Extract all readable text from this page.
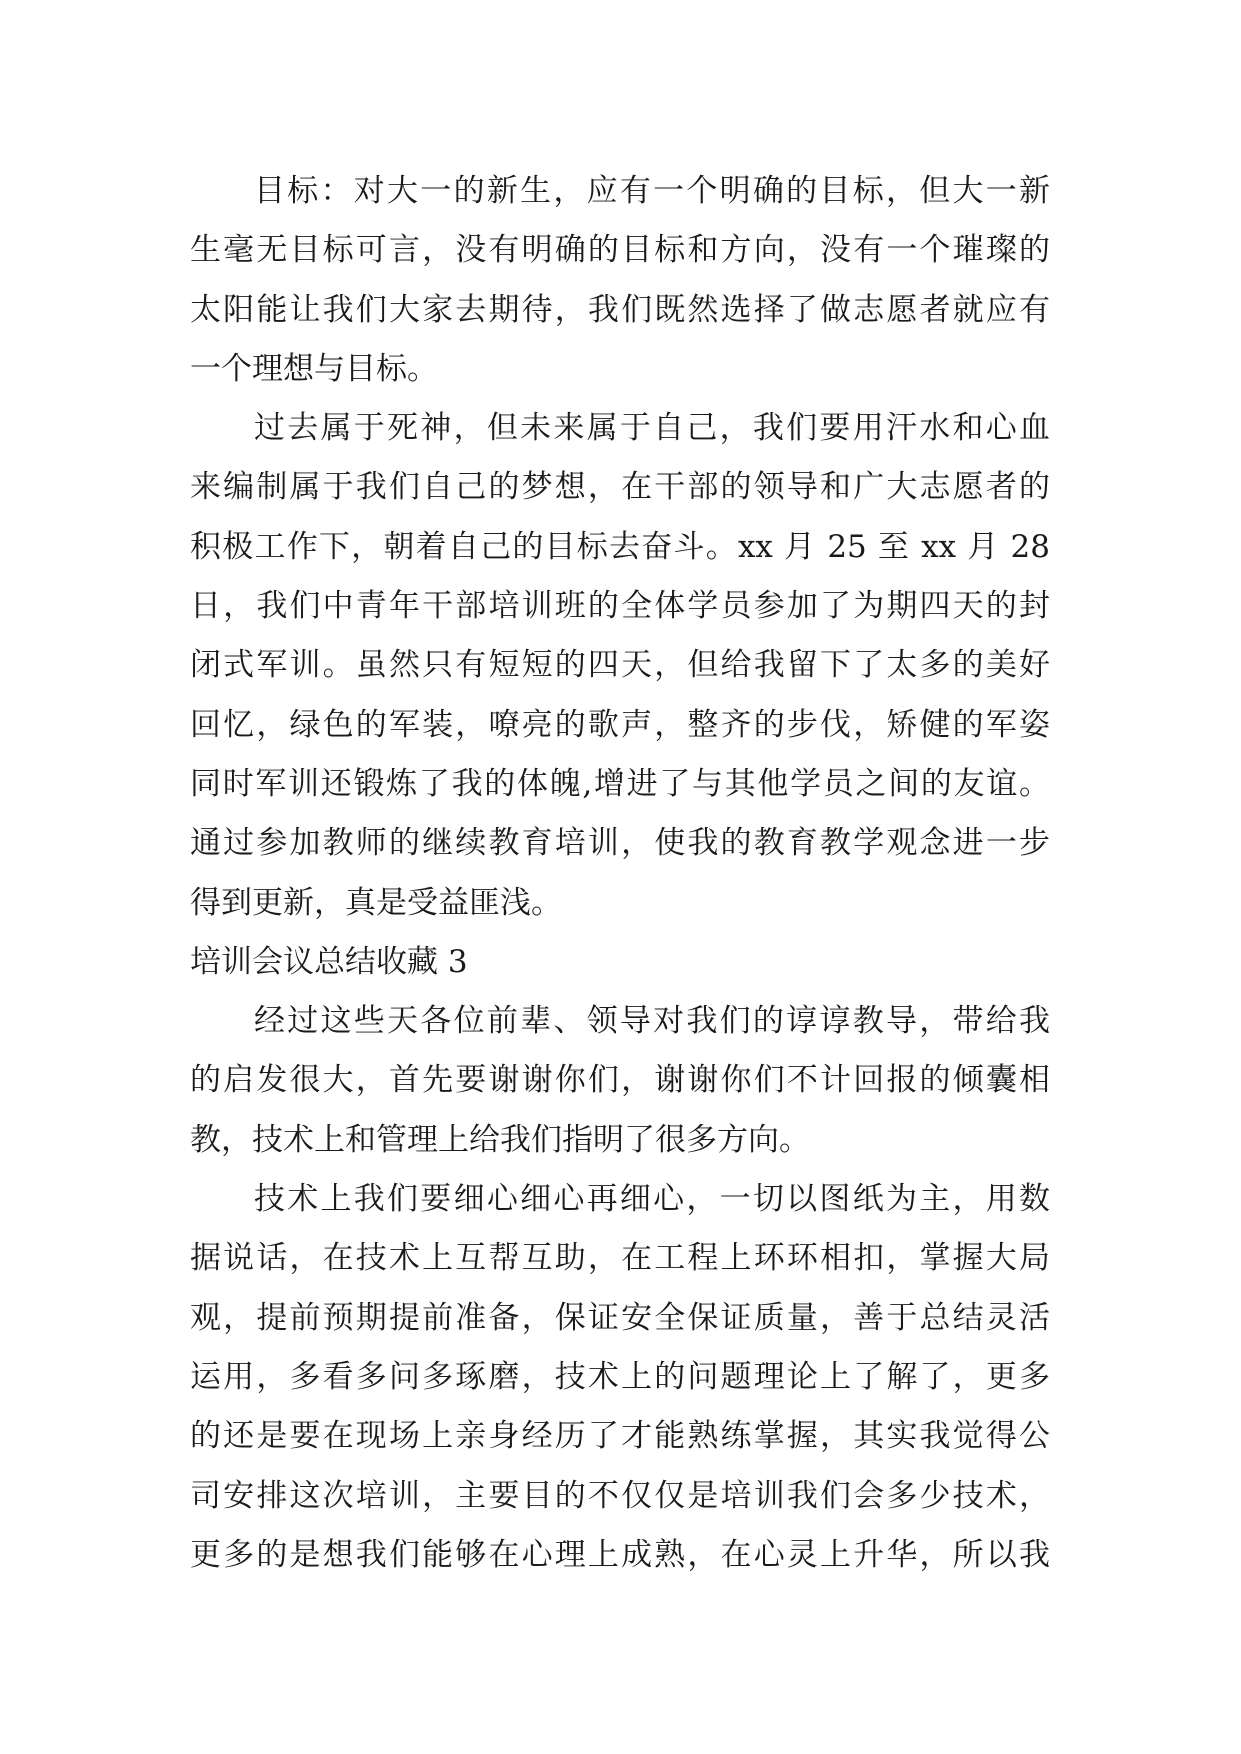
目标：对大一的新生，应有一个明确的目标，但大一新
生毫无目标可言，没有明确的目标和方向，没有一个璀璨的
太阳能让我们大家去期待，我们既然选择了做志愿者就应有
一个理想与目标。
过去属于死神，但未来属于自己，我们要用汗水和心血
来编制属于我们自己的梦想，在干部的领导和广大志愿者的
积极工作下，朝着自己的目标去奋斗。xx 月 25 至 xx 月 28
日，我们中青年干部培训班的全体学员参加了为期四天的封
闭式军训。虽然只有短短的四天，但给我留下了太多的美好
回忆，绿色的军装，嘹亮的歌声，整齐的步伐，矫健的军姿
同时军训还锻炼了我的体魄,增进了与其他学员之间的友谊。
通过参加教师的继续教育培训，使我的教育教学观念进一步
得到更新，真是受益匪浅。
培训会议总结收藏 3
经过这些天各位前辈、领导对我们的谆谆教导，带给我
的启发很大，首先要谢谢你们，谢谢你们不计回报的倾囊相
教，技术上和管理上给我们指明了很多方向。
技术上我们要细心细心再细心，一切以图纸为主，用数
据说话，在技术上互帮互助，在工程上环环相扣，掌握大局
观，提前预期提前准备，保证安全保证质量，善于总结灵活
运用，多看多问多琢磨，技术上的问题理论上了解了，更多
的还是要在现场上亲身经历了才能熟练掌握，其实我觉得公
司安排这次培训，主要目的不仅仅是培训我们会多少技术，
更多的是想我们能够在心理上成熟，在心灵上升华，所以我
